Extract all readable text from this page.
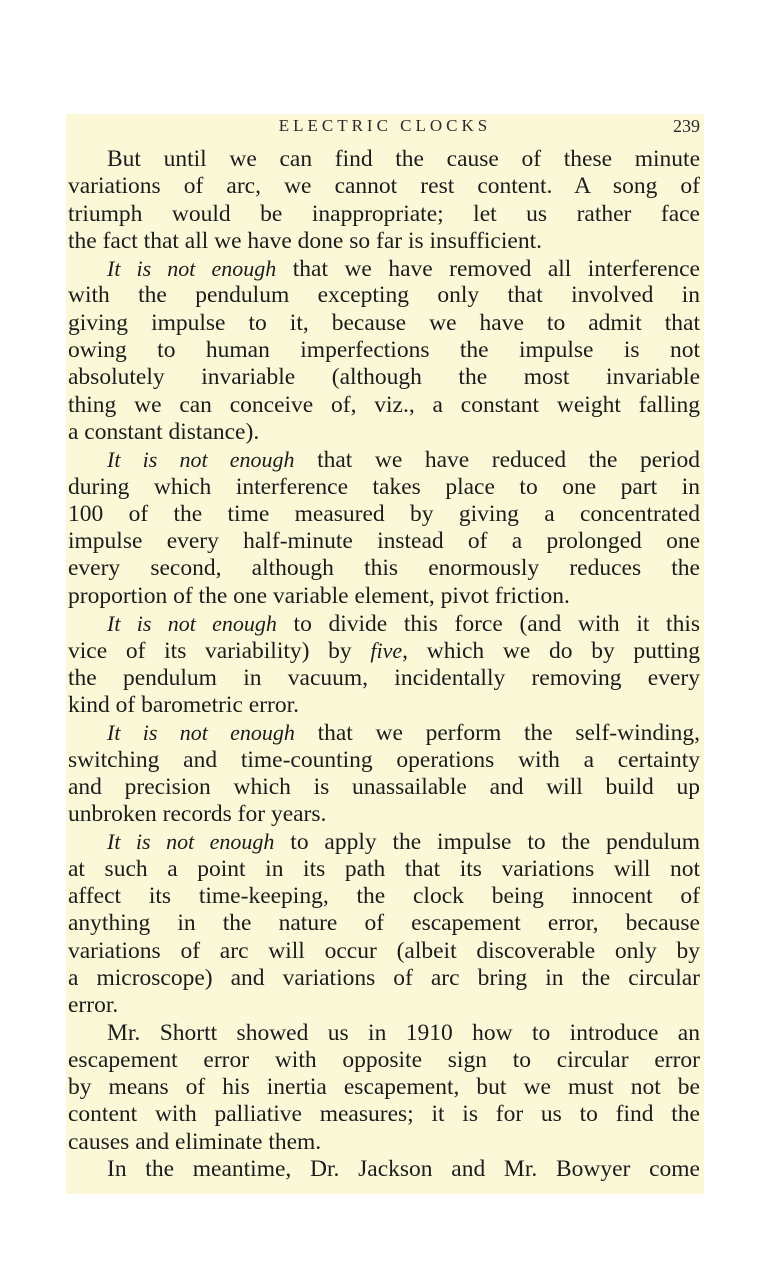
ELECTRIC CLOCKS	239
But until we can find the cause of these minute
variations of arc, we cannot rest content. A song of
triumph would be inappropriate; let us rather face
the fact that all we have done so far is insufficient.
It is not enough that we have removed all interference
with the pendulum excepting only that involved in
giving impulse to it, because we have to admit that
owing to human imperfections the impulse is not
absolutely invariable (although the most invariable
thing we can conceive of, viz., a constant weight falling
a constant distance).
It is not enough that we have reduced the period
during which interference takes place to one part in
100 of the time measured by giving a concentrated
impulse every half-minute instead of a prolonged one
every second, although this enormously reduces the
proportion of the one variable element, pivot friction.
It is not enough to divide this force (and with it this
vice of its variability) by five, which we do by putting
the pendulum in vacuum, incidentally removing every
kind of barometric error.
It is not enough that we perform the self-winding,
switching and time-counting operations with a certainty
and precision which is unassailable and will build up
unbroken records for years.
It is not enough to apply the impulse to the pendulum
at such a point in its path that its variations will not
affect its time-keeping, the clock being innocent of
anything in the nature of escapement error, because
variations of arc will occur (albeit discoverable only by
a microscope) and variations of arc bring in the circular
error.
Mr. Shortt showed us in 1910 how to introduce an
escapement error with opposite sign to circular error
by means of his inertia escapement, but we must not be
content with palliative measures; it is for us to find the
causes and eliminate them.
In the meantime, Dr. Jackson and Mr. Bowyer come
